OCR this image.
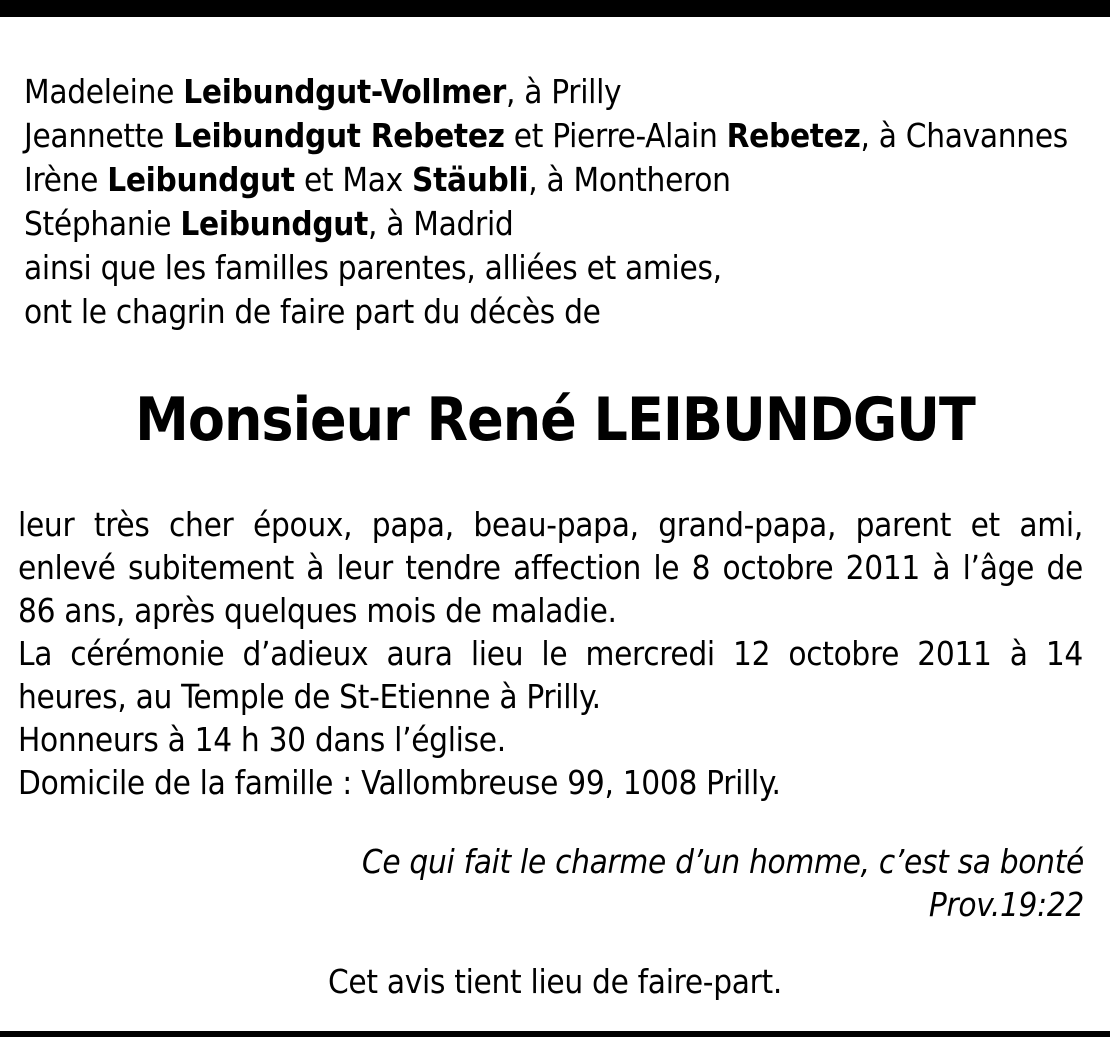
Madeleine Leibundgut-Vollmer, à Prilly
Jeannette Leibundgut Rebetez et Pierre-Alain Rebetez, à Chavannes
Irène Leibundgut et Max Stäubli, à Montheron
Stéphanie Leibundgut, à Madrid
ainsi que les familles parentes, alliées et amies,
ont le chagrin de faire part du décès de
Monsieur René LEIBUNDGUT
leur très cher époux, papa, beau-papa, grand-papa, parent et ami,
enlevé subitement à leur tendre affection le 8 octobre 2011 à l’âge de
86 ans, après quelques mois de maladie.
La cérémonie d’adieux aura lieu le mercredi 12 octobre 2011 à 14
heures, au Temple de St-Etienne à Prilly.
Honneurs à 14 h 30 dans l’église.
Domicile de la famille : Vallombreuse 99, 1008 Prilly.
Ce qui fait le charme d’un homme, c’est sa bonté
Prov.19:22
Cet avis tient lieu de faire-part.
